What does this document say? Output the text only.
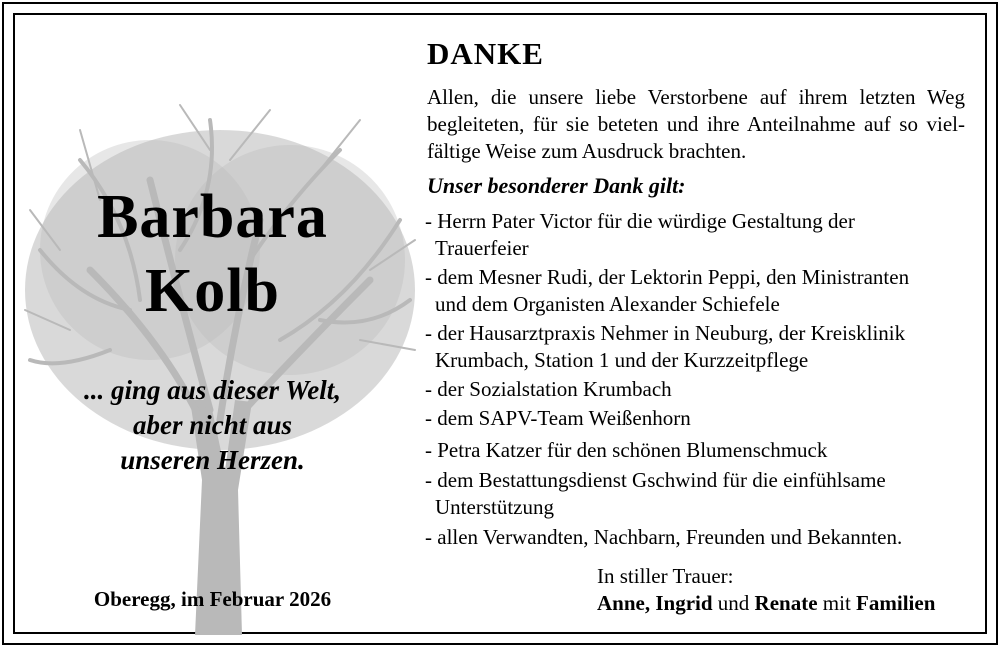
Barbara
Kolb
... ging aus dieser Welt,
aber nicht aus
unseren Herzen.
Oberegg, im Februar 2026
DANKE
Allen, die unsere liebe Verstorbene auf ihrem letzten Weg
begleiteten, für sie beteten und ihre Anteilnahme auf so viel-
fältige Weise zum Ausdruck brachten.
Unser besonderer Dank gilt:
- Herrn Pater Victor für die würdige Gestaltung der
Trauerfeier
- dem Mesner Rudi, der Lektorin Peppi, den Ministranten
und dem Organisten Alexander Schiefele
- der Hausarztpraxis Nehmer in Neuburg, der Kreisklinik
Krumbach, Station 1 und der Kurzzeitpflege
- der Sozialstation Krumbach
- dem SAPV-Team Weißenhorn
- Petra Katzer für den schönen Blumenschmuck
- dem Bestattungsdienst Gschwind für die einfühlsame
Unterstützung
- allen Verwandten, Nachbarn, Freunden und Bekannten.
In stiller Trauer:
Anne, Ingrid und Renate mit Familien
